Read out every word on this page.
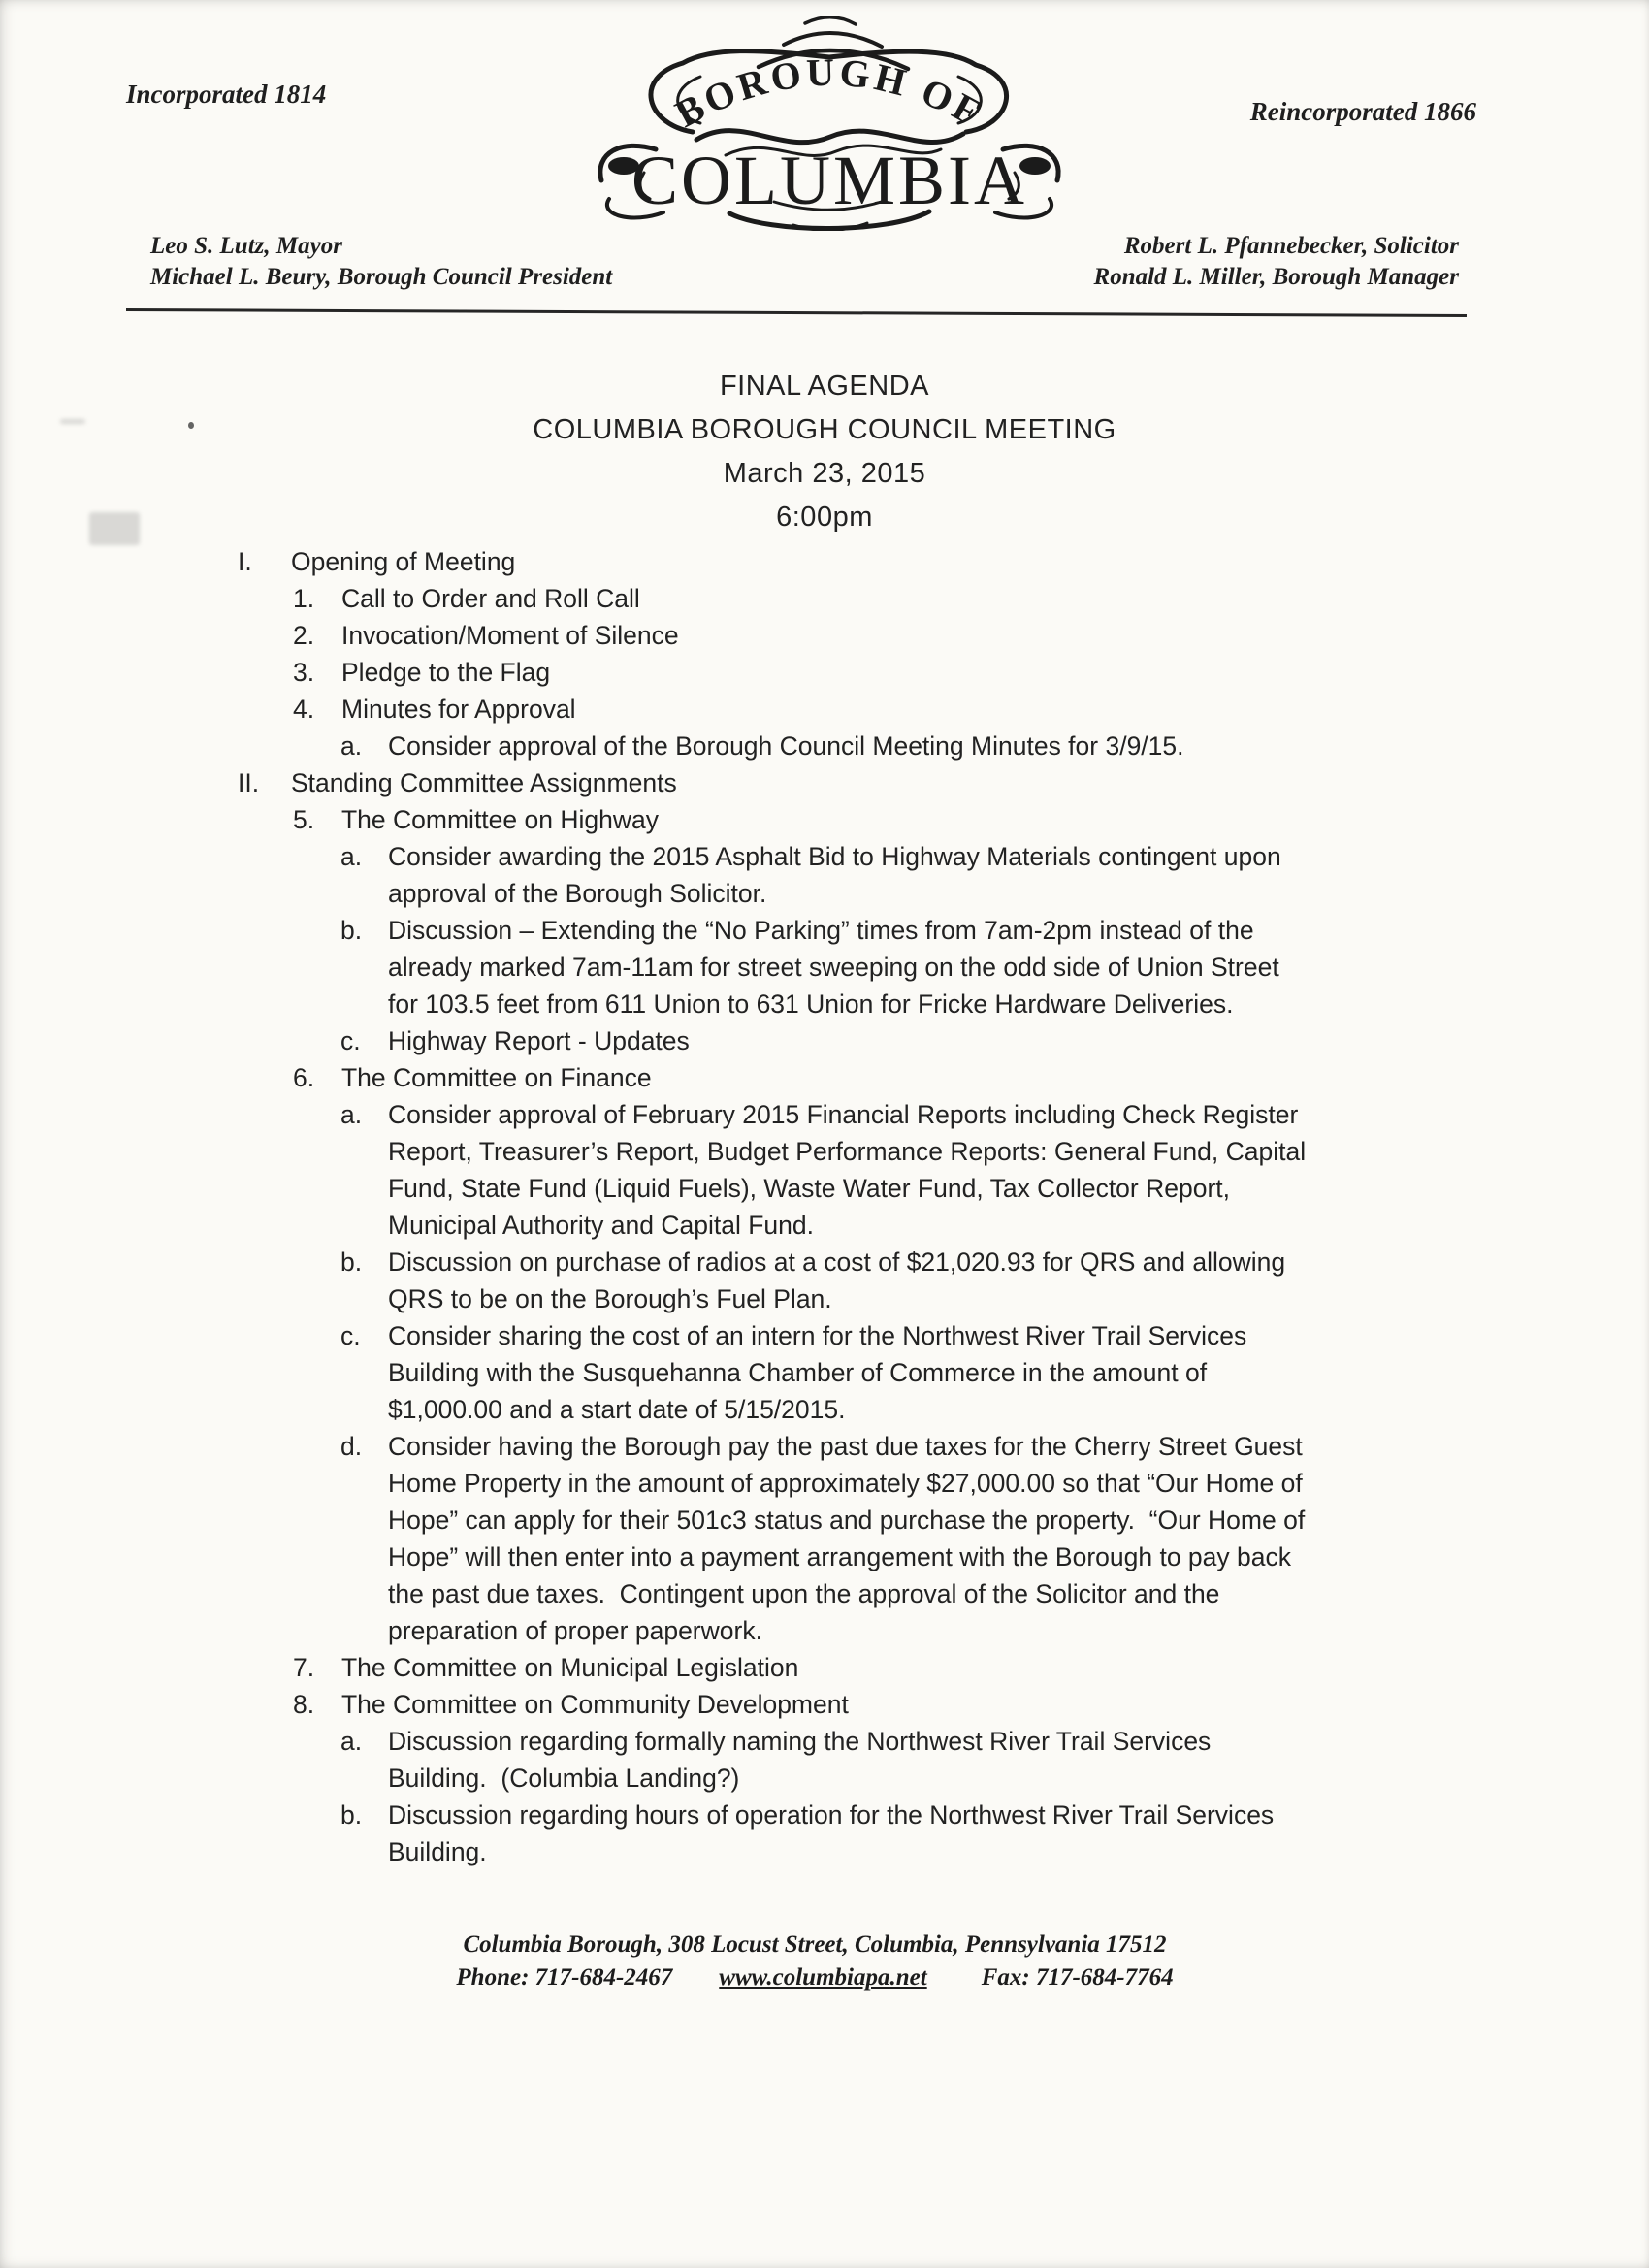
Incorporated 1814
Reincorporated 1866
BOROUGH OF
COLUMBIA
Leo S. Lutz, Mayor
Michael L. Beury, Borough Council President
Robert L. Pfannebecker, Solicitor
Ronald L. Miller, Borough Manager
FINAL AGENDA
COLUMBIA BOROUGH COUNCIL MEETING
March 23, 2015
6:00pm
I.	Opening of Meeting
1.	Call to Order and Roll Call
2.	Invocation/Moment of Silence
3.	Pledge to the Flag
4.	Minutes for Approval
a.	Consider approval of the Borough Council Meeting Minutes for 3/9/15.
II.	Standing Committee Assignments
5.	The Committee on Highway
a.	Consider awarding the 2015 Asphalt Bid to Highway Materials contingent upon
approval of the Borough Solicitor.
b.	Discussion – Extending the “No Parking” times from 7am-2pm instead of the
already marked 7am-11am for street sweeping on the odd side of Union Street
for 103.5 feet from 611 Union to 631 Union for Fricke Hardware Deliveries.
c.	Highway Report - Updates
6.	The Committee on Finance
a.	Consider approval of February 2015 Financial Reports including Check Register
Report, Treasurer’s Report, Budget Performance Reports: General Fund, Capital
Fund, State Fund (Liquid Fuels), Waste Water Fund, Tax Collector Report,
Municipal Authority and Capital Fund.
b.	Discussion on purchase of radios at a cost of $21,020.93 for QRS and allowing
QRS to be on the Borough’s Fuel Plan.
c.	Consider sharing the cost of an intern for the Northwest River Trail Services
Building with the Susquehanna Chamber of Commerce in the amount of
$1,000.00 and a start date of 5/15/2015.
d.	Consider having the Borough pay the past due taxes for the Cherry Street Guest
Home Property in the amount of approximately $27,000.00 so that “Our Home of
Hope” can apply for their 501c3 status and purchase the property.  “Our Home of
Hope” will then enter into a payment arrangement with the Borough to pay back
the past due taxes.  Contingent upon the approval of the Solicitor and the
preparation of proper paperwork.
7.	The Committee on Municipal Legislation
8.	The Committee on Community Development
a.	Discussion regarding formally naming the Northwest River Trail Services
Building.  (Columbia Landing?)
b.	Discussion regarding hours of operation for the Northwest River Trail Services
Building.
Columbia Borough, 308 Locust Street, Columbia, Pennsylvania 17512
Phone: 717-684-2467 www.columbiapa.net Fax: 717-684-7764
